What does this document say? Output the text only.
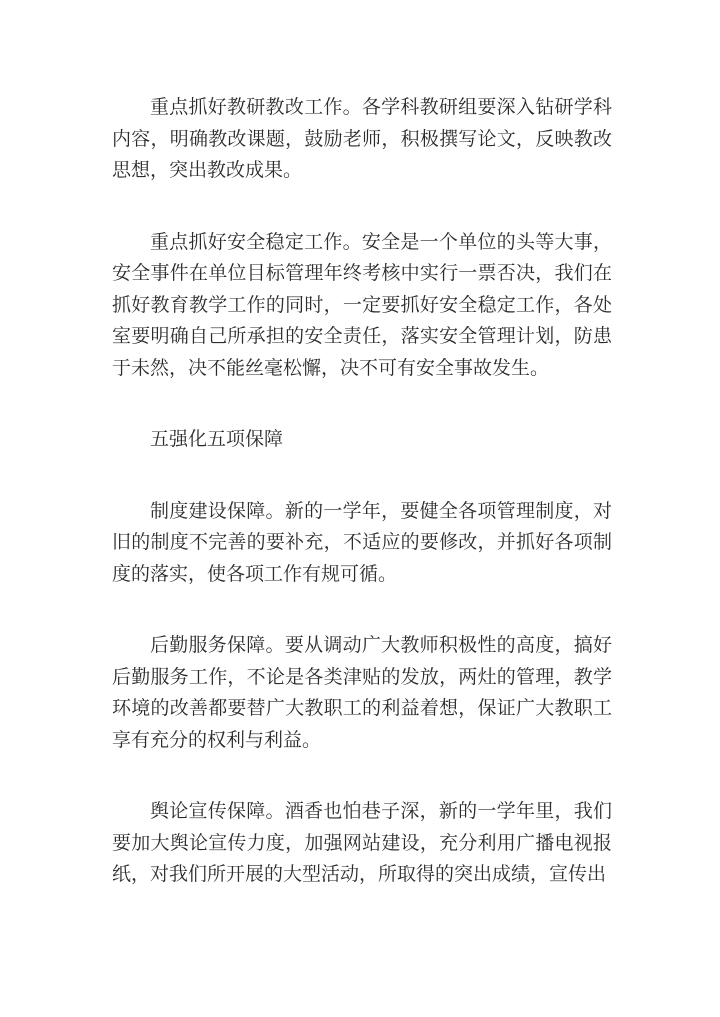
重点抓好教研教改工作。各学科教研组要深入钻研学科内容，明确教改课题，鼓励老师，积极撰写论文，反映教改思想，突出教改成果。

重点抓好安全稳定工作。安全是一个单位的头等大事，安全事件在单位目标管理年终考核中实行一票否决，我们在抓好教育教学工作的同时，一定要抓好安全稳定工作，各处室要明确自己所承担的安全责任，落实安全管理计划，防患于未然，决不能丝毫松懈，决不可有安全事故发生。

五强化五项保障

制度建设保障。新的一学年，要健全各项管理制度，对旧的制度不完善的要补充，不适应的要修改，并抓好各项制度的落实，使各项工作有规可循。

后勤服务保障。要从调动广大教师积极性的高度，搞好后勤服务工作，不论是各类津贴的发放，两灶的管理，教学环境的改善都要替广大教职工的利益着想，保证广大教职工享有充分的权利与利益。

舆论宣传保障。酒香也怕巷子深，新的一学年里，我们要加大舆论宣传力度，加强网站建设，充分利用广播电视报纸，对我们所开展的大型活动，所取得的突出成绩，宣传出
